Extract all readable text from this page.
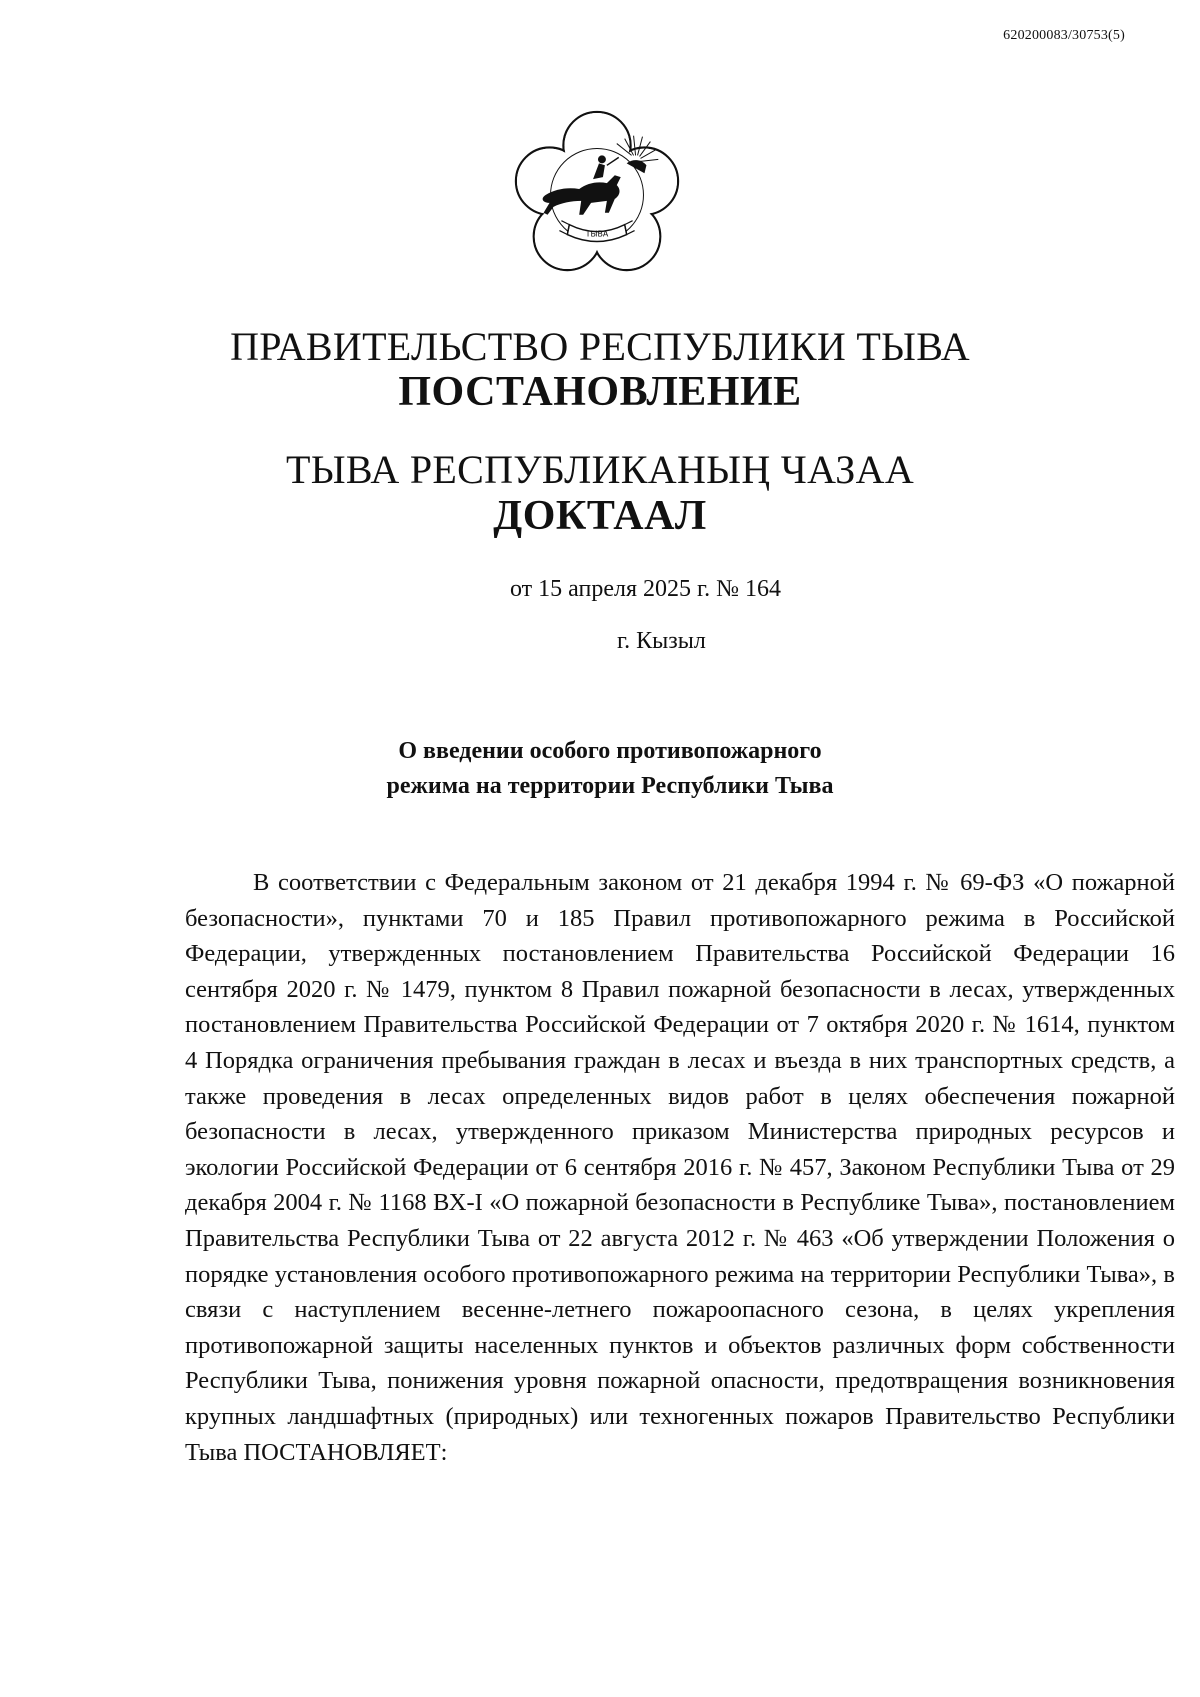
620200083/30753(5)
ТЫВА
ПРАВИТЕЛЬСТВО РЕСПУБЛИКИ ТЫВА
ПОСТАНОВЛЕНИЕ
ТЫВА РЕСПУБЛИКАНЫҢ ЧАЗАА
ДОКТААЛ
от 15 апреля 2025 г. № 164
г. Кызыл
О введении особого противопожарного
режима на территории Республики Тыва
В соответствии с Федеральным законом от 21 декабря 1994 г. № 69-ФЗ «О пожарной безопасности», пунктами 70 и 185 Правил противопожарного режима в Российской Федерации, утвержденных постановлением Правительства Российской Федерации 16 сентября 2020 г. № 1479, пунктом 8 Правил пожарной безопасности в лесах, утвержденных постановлением Правительства Российской Федерации от 7 октября 2020 г. № 1614, пунктом 4 Порядка ограничения пребывания граждан в лесах и въезда в них транспортных средств, а также проведения в лесах определенных видов работ в целях обеспечения пожарной безопасности в лесах, утвержденного приказом Министерства природных ресурсов и экологии Российской Федерации от 6 сентября 2016 г. № 457, Законом Республики Тыва от 29 декабря 2004 г. № 1168 ВХ-I «О пожарной безопасности в Республике Тыва», постановлением Правительства Республики Тыва от 22 августа 2012 г. № 463 «Об утверждении Положения о порядке установления особого противопожарного режима на территории Республики Тыва», в связи с наступлением весенне-летнего пожароопасного сезона, в целях укрепления противопожарной защиты населенных пунктов и объектов различных форм собственности Республики Тыва, понижения уровня пожарной опасности, предотвращения возникновения крупных ландшафтных (природных) или техногенных пожаров Правительство Республики Тыва ПОСТАНОВЛЯЕТ:
